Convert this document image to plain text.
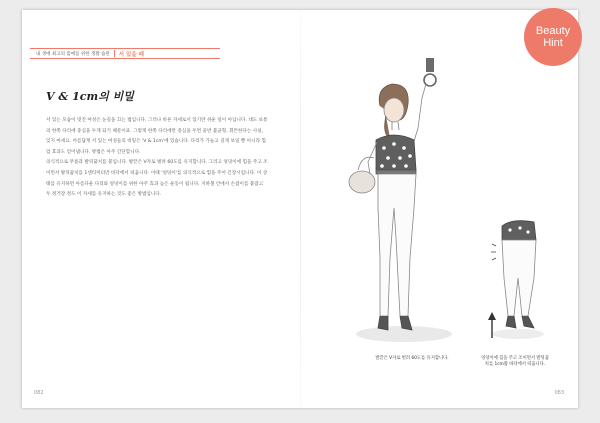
Beauty
Hint
내 생애 최고의 몸매를 위한 생활 습관 서 있을 때
V & 1cm의 비밀

서 있는 모습이 멋진 여성은 눈길을 끄는 법입니다. 그러나 바른 자세로서 있기란 쉬운 일이 아닙니다. 대도 보통의 한쪽 다리에 중심을 두게 되기 때문이죠. 그렇게 한쪽 다리에만 중심을 두면 골반 불균형, 휘튼한다는 사실, 잊지 마세요. 아름답게 서 있는 여성들의 비밀은 'V & 1cm'에 있습니다. 다리가 가늘고 길게 보일 뿐 아니라 힙 업 효과도 얻어냅니다. 방법은 아주 간단합니다.

의식적으로 무릎과 발뒤꿈치를 붙입니다. 발끝은 V자로 벌려 60도를 유지합니다. 그리고 엉덩이에 힘을 주고 조이면서 발뒤꿈치를 1센티미터만 바닥에서 띄웁니다. 이때 '엉덩이'를 의식적으로 힘을 주어 긴장시킵니다. 이 상태를 유지하면 아름다운 다리와 엉덩이를 위한 아주 효과 높은 운동이 됩니다. 지하철 안에서 손잡이를 붙잡고 두 정거장 정도 이 자세를 유지하는 것도 좋은 방법입니다.

발끝은 V자로 벌려 60도를 유지합니다.	엉덩이에 힘을 주고 조이면서 발뒤꿈치를 1cm쯤 바닥에서 띄웁니다.

082	083
